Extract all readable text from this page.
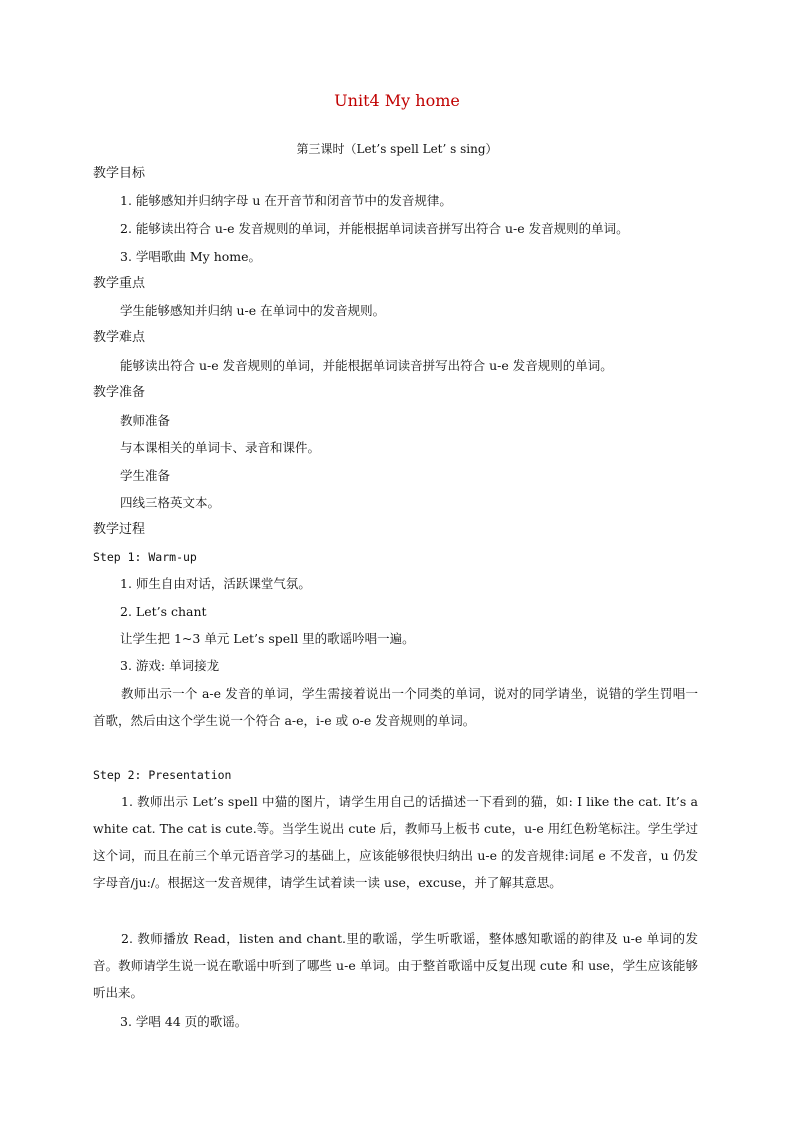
Unit4 My home
第三课时（Let’s spell Let’ s sing）
教学目标
1. 能够感知并归纳字母 u 在开音节和闭音节中的发音规律。
2. 能够读出符合 u-e 发音规则的单词，并能根据单词读音拼写出符合 u-e 发音规则的单词。
3. 学唱歌曲 My home。
教学重点
学生能够感知并归纳 u-e 在单词中的发音规则。
教学难点
能够读出符合 u-e 发音规则的单词，并能根据单词读音拼写出符合 u-e 发音规则的单词。
教学准备
教师准备
与本课相关的单词卡、录音和课件。
学生准备
四线三格英文本。
教学过程
Step 1: Warm-up
1. 师生自由对话，活跃课堂气氛。
2. Let’s chant
让学生把 1~3 单元 Let’s spell 里的歌谣吟唱一遍。
3. 游戏: 单词接龙
教师出示一个 a-e 发音的单词，学生需接着说出一个同类的单词，说对的同学请坐，说错的学生罚唱一首歌，然后由这个学生说一个符合 a-e，i-e 或 o-e 发音规则的单词。
Step 2: Presentation
1. 教师出示 Let’s spell 中猫的图片，请学生用自己的话描述一下看到的猫，如: I like the cat. It’s a white cat. The cat is cute.等。当学生说出 cute 后，教师马上板书 cute，u-e 用红色粉笔标注。学生学过这个词，而且在前三个单元语音学习的基础上，应该能够很快归纳出 u-e 的发音规律:词尾 e 不发音，u 仍发字母音/ju:/。根据这一发音规律，请学生试着读一读 use，excuse，并了解其意思。
2. 教师播放 Read，listen and chant.里的歌谣，学生听歌谣，整体感知歌谣的韵律及 u-e 单词的发音。教师请学生说一说在歌谣中听到了哪些 u-e 单词。由于整首歌谣中反复出现 cute 和 use，学生应该能够听出来。
3. 学唱 44 页的歌谣。
